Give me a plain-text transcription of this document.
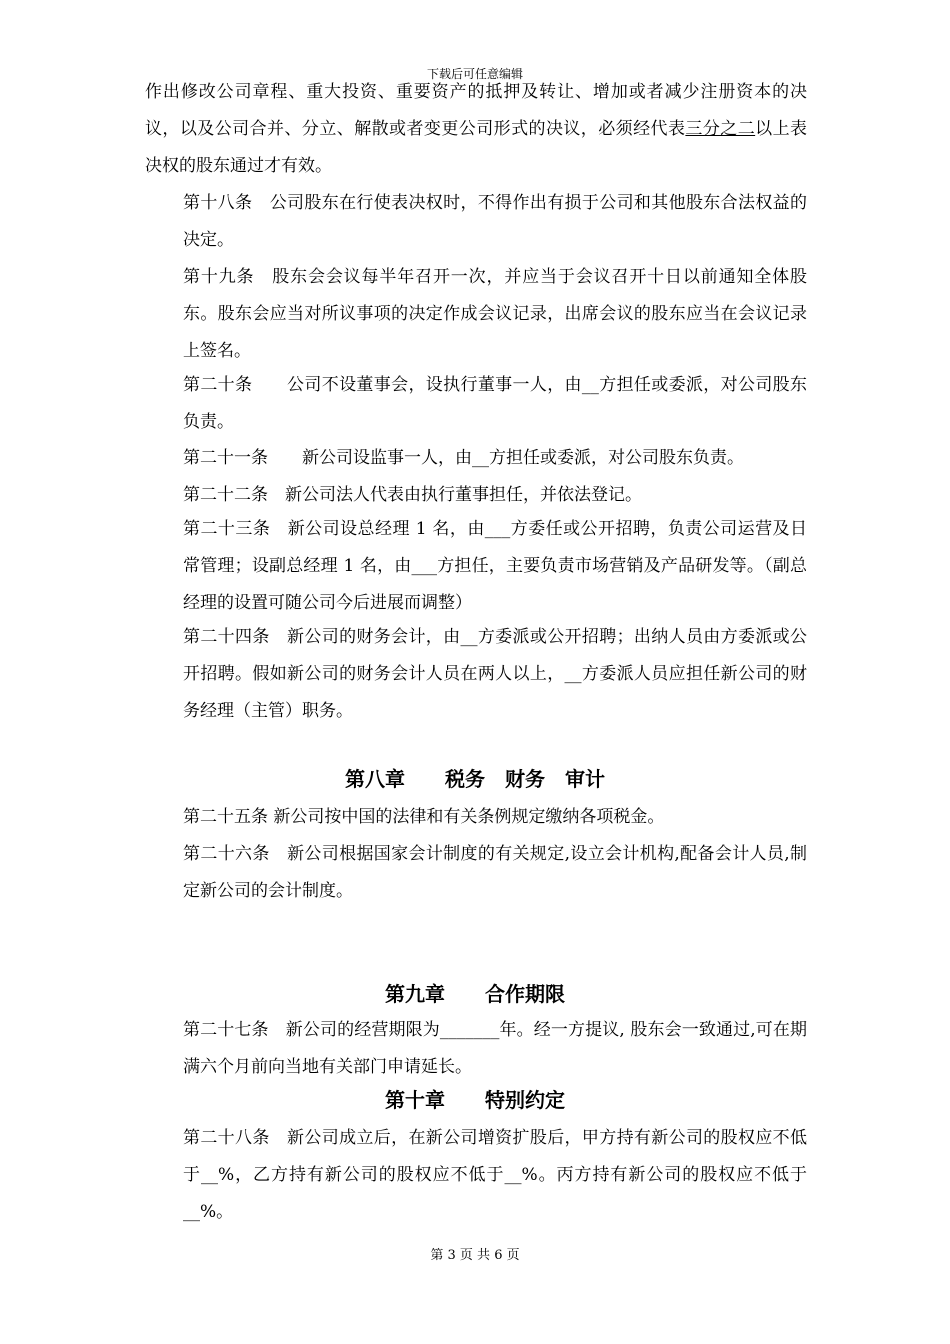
下载后可任意编辑
作出修改公司章程、重大投资、重要资产的抵押及转让、增加或者减少注册资本的决议，以及公司合并、分立、解散或者变更公司形式的决议，必须经代表三分之二以上表决权的股东通过才有效。
第十八条　公司股东在行使表决权时，不得作出有损于公司和其他股东合法权益的决定。
第十九条　股东会会议每半年召开一次，并应当于会议召开十日以前通知全体股东。股东会应当对所议事项的决定作成会议记录，出席会议的股东应当在会议记录上签名。
第二十条　　公司不设董事会，设执行董事一人，由__方担任或委派，对公司股东负责。
第二十一条　　新公司设监事一人，由__方担任或委派，对公司股东负责。
第二十二条　新公司法人代表由执行董事担任，并依法登记。
第二十三条　新公司设总经理 1 名，由___方委任或公开招聘，负责公司运营及日常管理；设副总经理 1 名，由___方担任，主要负责市场营销及产品研发等。（副总经理的设置可随公司今后进展而调整）
第二十四条　新公司的财务会计，由__方委派或公开招聘；出纳人员由方委派或公开招聘。假如新公司的财务会计人员在两人以上，__方委派人员应担任新公司的财务经理（主管）职务。
第八章　　税务　财务　审计
第二十五条 新公司按中国的法律和有关条例规定缴纳各项税金。
第二十六条　新公司根据国家会计制度的有关规定,设立会计机构,配备会计人员,制定新公司的会计制度。
第九章　　合作期限
第二十七条　新公司的经营期限为_______年。经一方提议, 股东会一致通过,可在期满六个月前向当地有关部门申请延长。
第十章　　特别约定
第二十八条　新公司成立后，在新公司增资扩股后，甲方持有新公司的股权应不低于__%，乙方持有新公司的股权应不低于__%。丙方持有新公司的股权应不低于__%。
第 3 页 共 6 页
